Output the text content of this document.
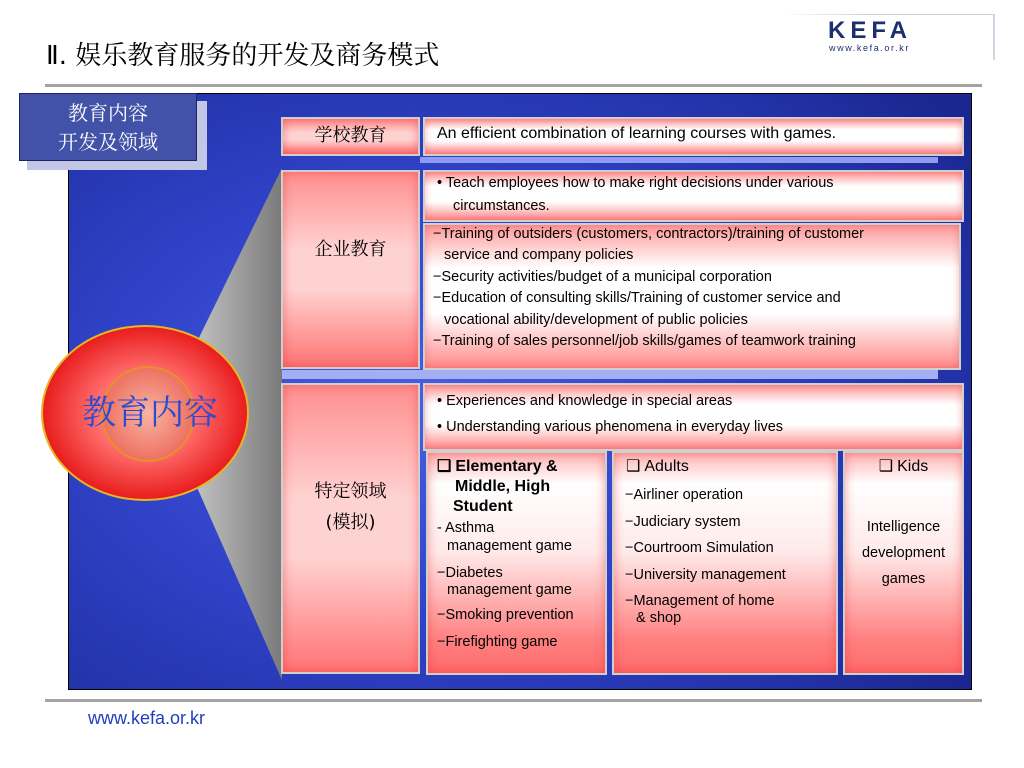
Ⅱ. 娱乐教育服务的开发及商务模式
KEFA
www.kefa.or.kr
教育内容
教育内容
开发及领域	学校教育
企业教育
特定领域
(模拟)
An efficient combination of learning courses with games.
• Teach employees how to make right decisions under various
circumstances.
−Training of outsiders (customers, contractors)/training of customer
service and company policies
−Security activities/budget of a municipal corporation
−Education of consulting skills/Training of customer service and
vocational ability/development of public policies
−Training of sales personnel/job skills/games of teamwork training
• Experiences and knowledge in special areas
• Understanding various phenomena in everyday lives
❑ Elementary &
Middle, High
Student
- Asthma
management game
−Diabetes
management game
−Smoking prevention
−Firefighting game
❑ Adults
−Airliner operation
−Judiciary system
−Courtroom Simulation
−University management
−Management of home
& shop
❑ Kids
Intelligence
development
games
www.kefa.or.kr
